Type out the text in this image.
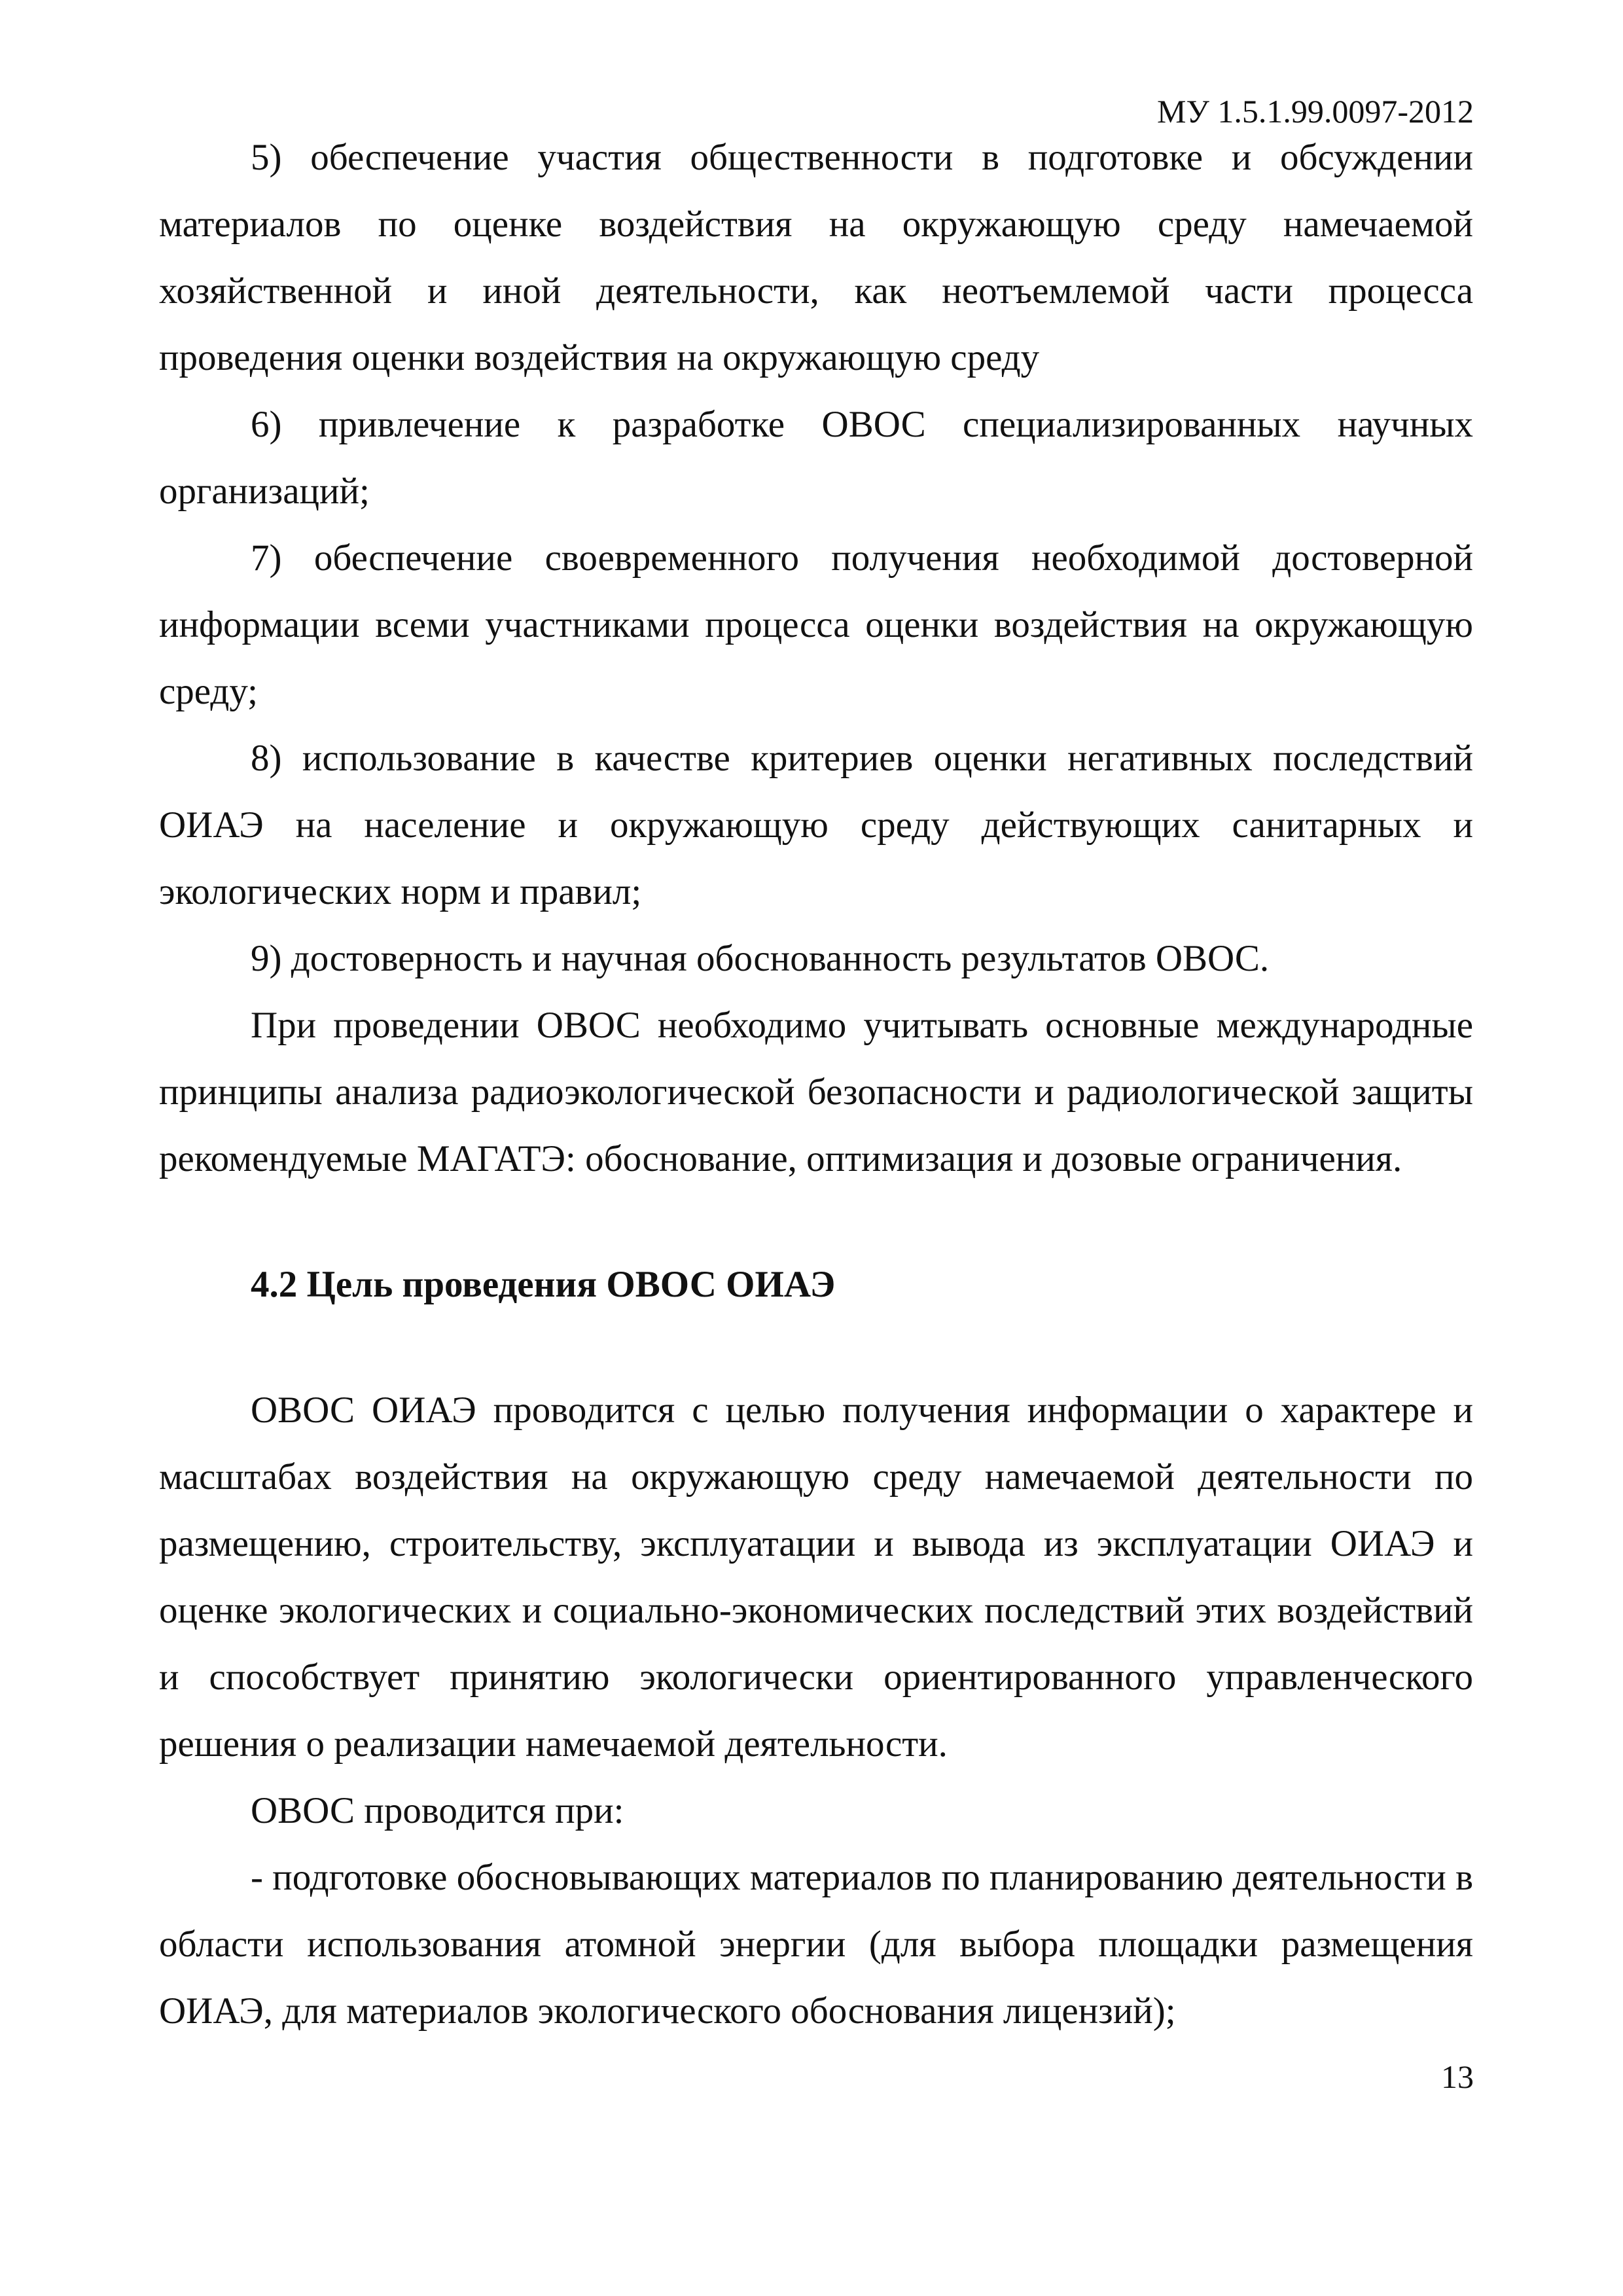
МУ 1.5.1.99.0097-2012

5) обеспечение участия общественности в подготовке и обсуждении материалов по оценке воздействия на окружающую среду намечаемой хозяйственной и иной деятельности, как неотъемлемой части процесса проведения оценки воздействия на окружающую среду

6) привлечение к разработке ОВОС специализированных научных организаций;

7) обеспечение своевременного получения необходимой достоверной информации всеми участниками процесса оценки воздействия на окружающую среду;

8) использование в качестве критериев оценки негативных последствий ОИАЭ на население и окружающую среду действующих санитарных и экологических норм и правил;

9) достоверность и научная обоснованность результатов ОВОС.

При проведении ОВОС необходимо учитывать основные международные принципы анализа радиоэкологической безопасности и радиологической защиты рекомендуемые МАГАТЭ: обоснование, оптимизация и дозовые ограничения.

4.2 Цель проведения ОВОС ОИАЭ

ОВОС ОИАЭ проводится с целью получения информации о характере и масштабах воздействия на окружающую среду намечаемой деятельности по размещению, строительству, эксплуатации и вывода из эксплуатации ОИАЭ и оценке экологических и социально-экономических последствий этих воздействий и способствует принятию экологически ориентированного управленческого решения о реализации намечаемой деятельности.

ОВОС проводится при:

- подготовке обосновывающих материалов по планированию деятельности в области использования атомной энергии (для выбора площадки размещения ОИАЭ, для материалов экологического обоснования лицензий);

13
